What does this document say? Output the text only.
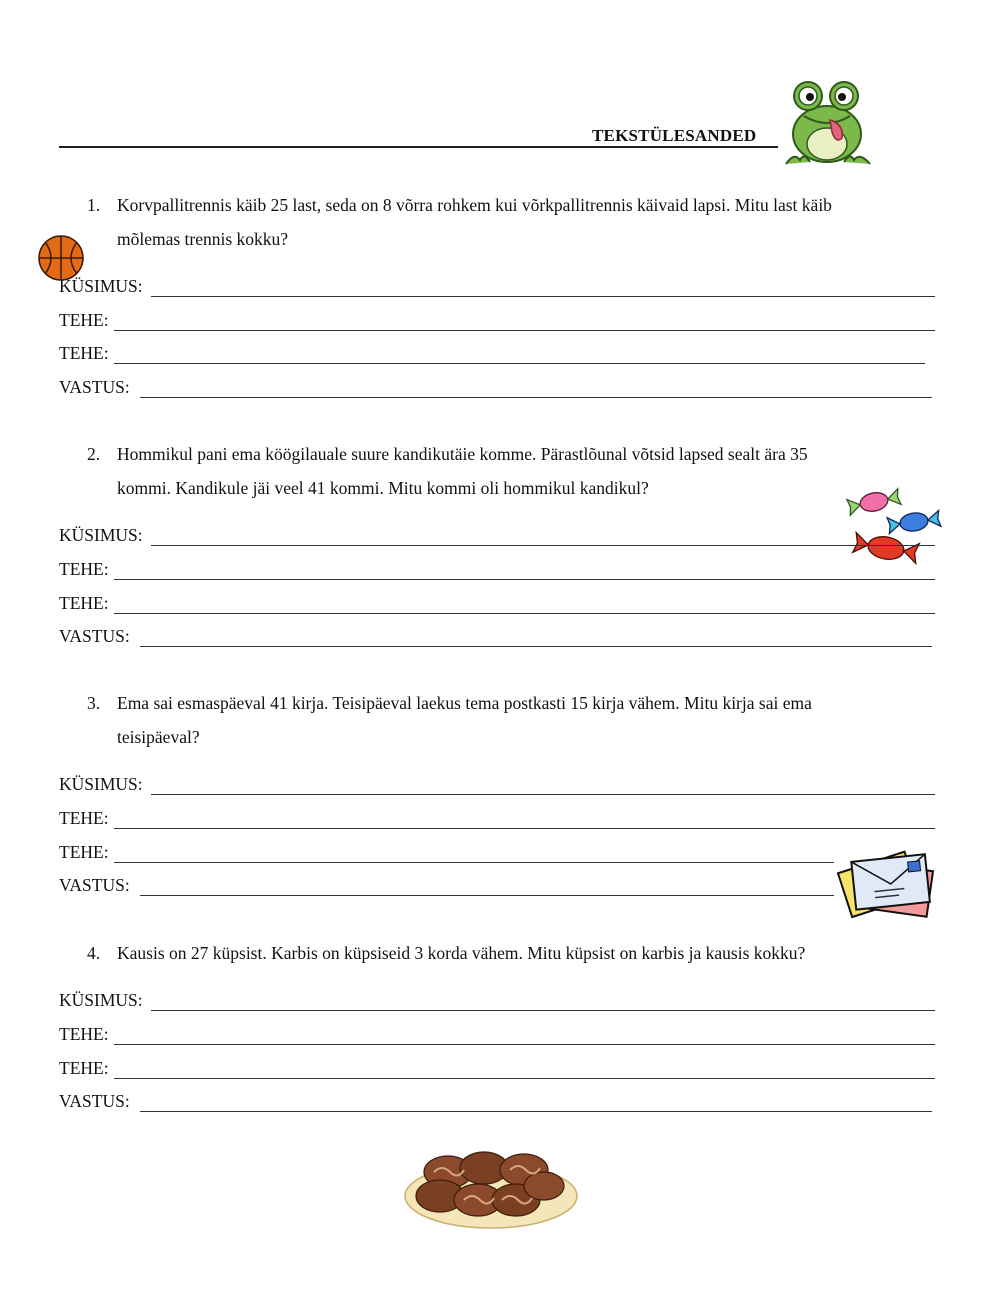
TEKSTÜLESANDED
1. Korvpallitrennis käib 25 last, seda on 8 võrra rohkem kui võrkpallitrennis käivaid lapsi. Mitu last käib
mõlemas trennis kokku?
KÜSIMUS:
TEHE:
TEHE:
VASTUS:
2. Hommikul pani ema köögilauale suure kandikutäie komme. Pärastlõunal võtsid lapsed sealt ära 35
kommi. Kandikule jäi veel 41 kommi. Mitu kommi oli hommikul kandikul?
KÜSIMUS:
TEHE:
TEHE:
VASTUS:
3. Ema sai esmaspäeval 41 kirja. Teisipäeval laekus tema postkasti 15 kirja vähem. Mitu kirja sai ema
teisipäeval?
KÜSIMUS:
TEHE:
TEHE:
VASTUS:
4. Kausis on 27 küpsist. Karbis on küpsiseid 3 korda vähem. Mitu küpsist on karbis ja kausis kokku?
KÜSIMUS:
TEHE:
TEHE:
VASTUS:
